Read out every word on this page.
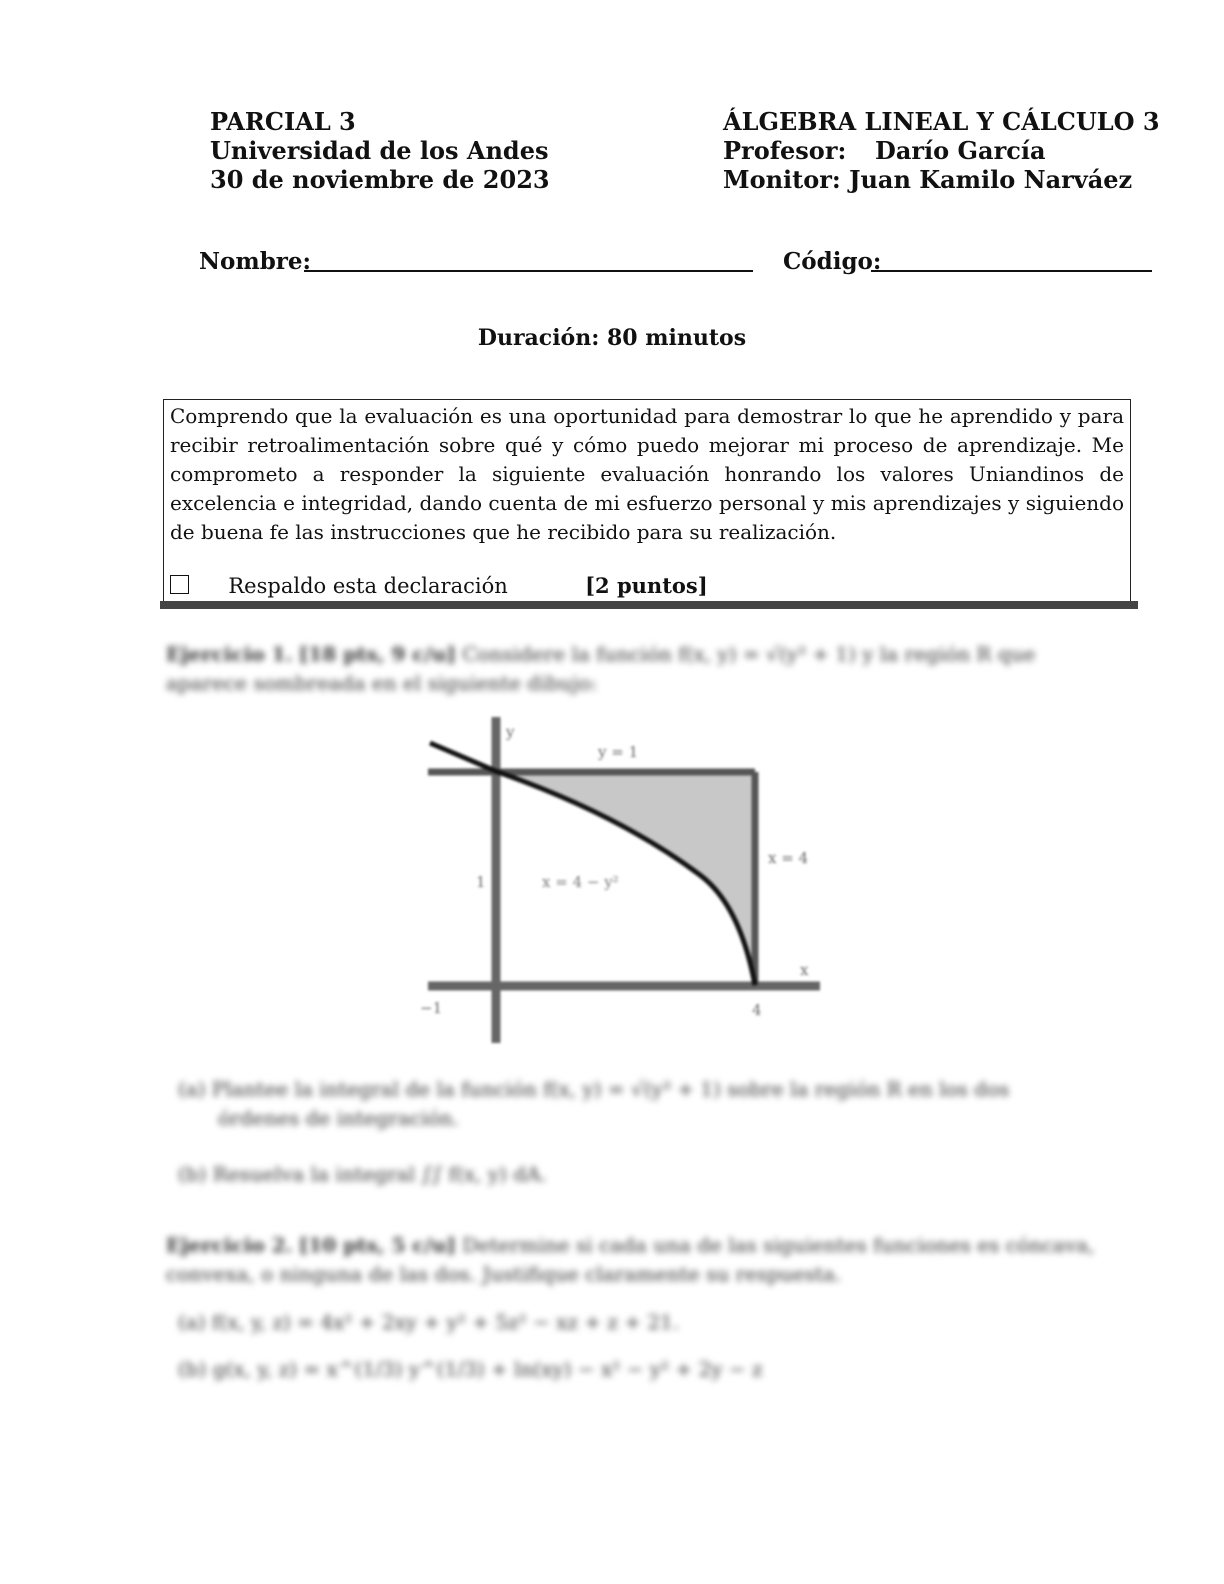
PARCIAL 3
Universidad de los Andes
30 de noviembre de 2023
ÁLGEBRA LINEAL Y CÁLCULO 3
Profesor: Darío García
Monitor: Juan Kamilo Narváez
Nombre:	Código:
Duración: 80 minutos
Comprendo que la evaluación es una oportunidad para demostrar lo que he aprendido y para recibir retroalimentación sobre qué y cómo puedo mejorar mi proceso de aprendizaje. Me comprometo a responder la siguiente evaluación honrando los valores Uniandinos de excelencia e integridad, dando cuenta de mi esfuerzo personal y mis aprendizajes y siguiendo de buena fe las instrucciones que he recibido para su realización.
Respaldo esta declaración	[2 puntos]
Ejercicio 1. [18 pts, 9 c/u] Considere la función f(x, y) = √(y³ + 1) y la región R que
aparece sombreada en el siguiente dibujo:
y
y = 1
x = 4
x = 4 − y²
1
x
−1	4
(a) Plantee la integral de la función f(x, y) = √(y³ + 1) sobre la región R en los dos
órdenes de integración.
(b) Resuelva la integral ∫∫ f(x, y) dA.
Ejercicio 2. [10 pts, 5 c/u] Determine si cada una de las siguientes funciones es cóncava,
convexa, o ninguna de las dos. Justifique claramente su respuesta.
(a) f(x, y, z) = 4x² + 2xy + y² + 5z² − xz + z + 21.
(b) g(x, y, z) = x^(1/3) y^(1/3) + ln(xy) − x² − y² + 2y − z
